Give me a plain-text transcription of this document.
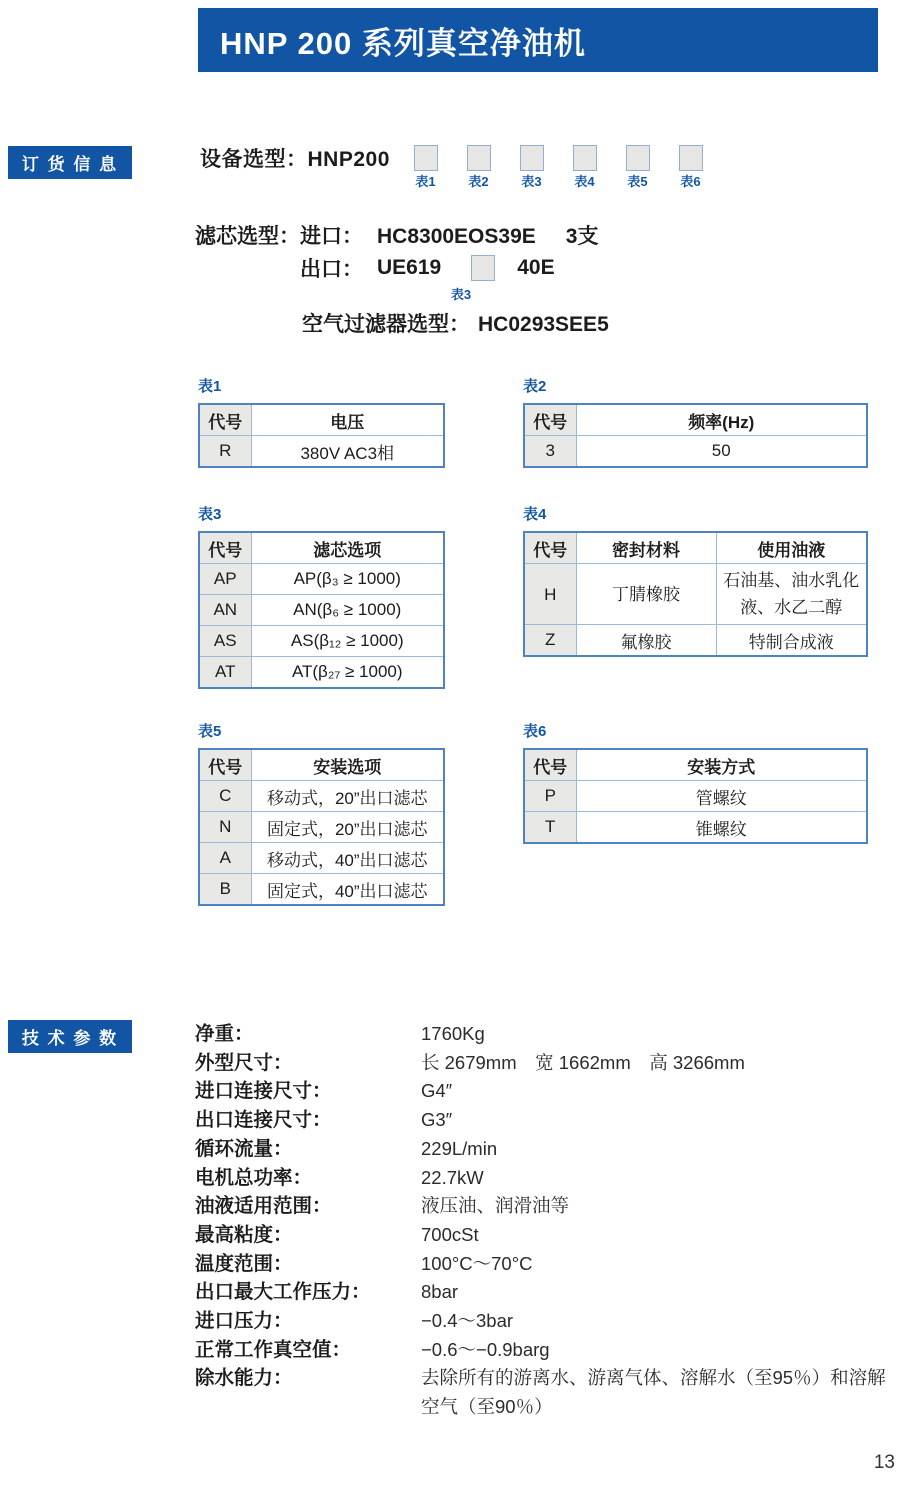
HNP 200 系列真空净油机
订 货 信 息	设备选型：HNP200
表1	表2	表3	表4	表5	表6
滤芯选型：进口： HC8300EOS39E 3支
出口： UE619	40E
表3
空气过滤器选型： HC0293SEE5
表1
代号	电压
R	380V AC3相
表2
代号	频率(Hz)
3	50
表3
代号	滤芯选项
AP	AP(β₃ ≥ 1000)
AN	AN(β₆ ≥ 1000)
AS	AS(β₁₂ ≥ 1000)
AT	AT(β₂₇ ≥ 1000)
表4
代号	密封材料	使用油液
H	丁腈橡胶	石油基、油水乳化液、水乙二醇
Z	氟橡胶	特制合成液
表5
代号	安装选项
C	移动式，20”出口滤芯
N	固定式，20”出口滤芯
A	移动式，40”出口滤芯
B	固定式，40”出口滤芯
表6
代号	安装方式
P	管螺纹
T	锥螺纹
技 术 参 数	净重：	1760Kg
外型尺寸：	长 2679mm　宽 1662mm　高 3266mm
进口连接尺寸：	G4″
出口连接尺寸：	G3″
循环流量：	229L/min
电机总功率：	22.7kW
油液适用范围：	液压油、润滑油等
最高粘度：	700cSt
温度范围：	100°C～70°C
出口最大工作压力：	8bar
进口压力：	−0.4～3bar
正常工作真空值：	−0.6～−0.9barg
除水能力：	去除所有的游离水、游离气体、溶解水（至95％）和溶解空气（至90％）
13
